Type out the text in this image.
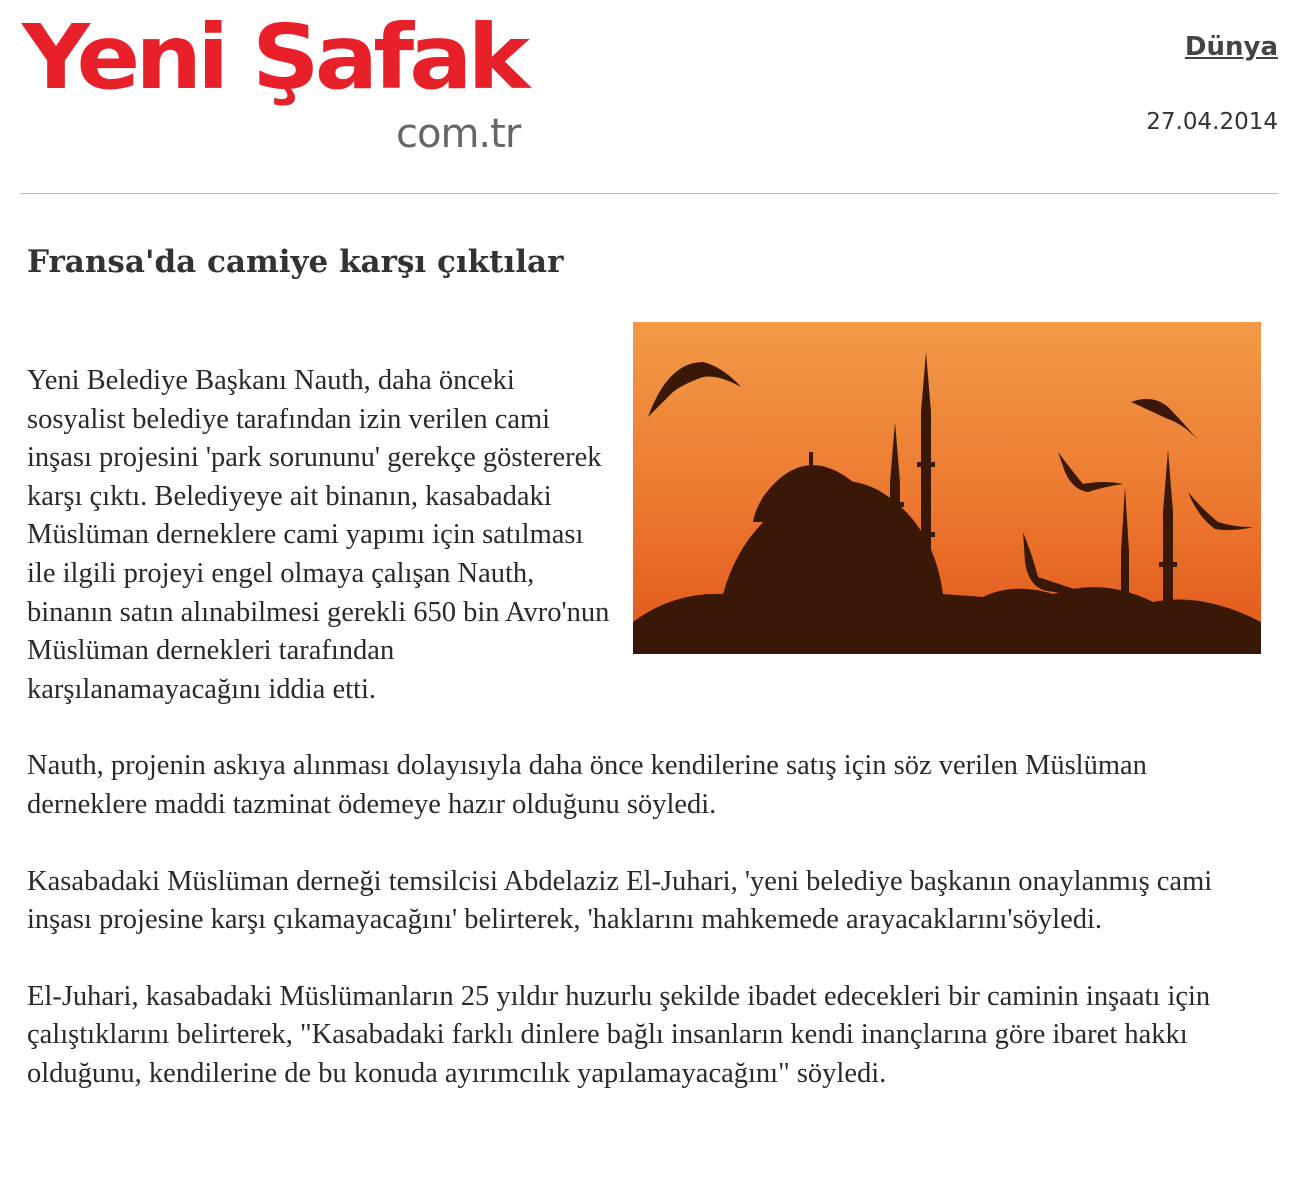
Yeni Şafak
com.tr
Dünya
27.04.2014
Fransa'da camiye karşı çıktılar

Yeni Belediye Başkanı Nauth, daha önceki sosyalist belediye tarafından izin verilen cami inşası projesini 'park sorununu' gerekçe göstererek karşı çıktı. Belediyeye ait binanın, kasabadaki Müslüman derneklere cami yapımı için satılması ile ilgili projeyi engel olmaya çalışan Nauth, binanın satın alınabilmesi gerekli 650 bin Avro'nun Müslüman dernekleri tarafından karşılanamayacağını iddia etti.

Nauth, projenin askıya alınması dolayısıyla daha önce kendilerine satış için söz verilen Müslüman derneklere maddi tazminat ödemeye hazır olduğunu söyledi.

Kasabadaki Müslüman derneği temsilcisi Abdelaziz El-Juhari, 'yeni belediye başkanın onaylanmış cami inşası projesine karşı çıkamayacağını' belirterek, 'haklarını mahkemede arayacaklarını'söyledi.

El-Juhari, kasabadaki Müslümanların 25 yıldır huzurlu şekilde ibadet edecekleri bir caminin inşaatı için çalıştıklarını belirterek, "Kasabadaki farklı dinlere bağlı insanların kendi inançlarına göre ibaret hakkı olduğunu, kendilerine de bu konuda ayırımcılık yapılamayacağını" söyledi.
